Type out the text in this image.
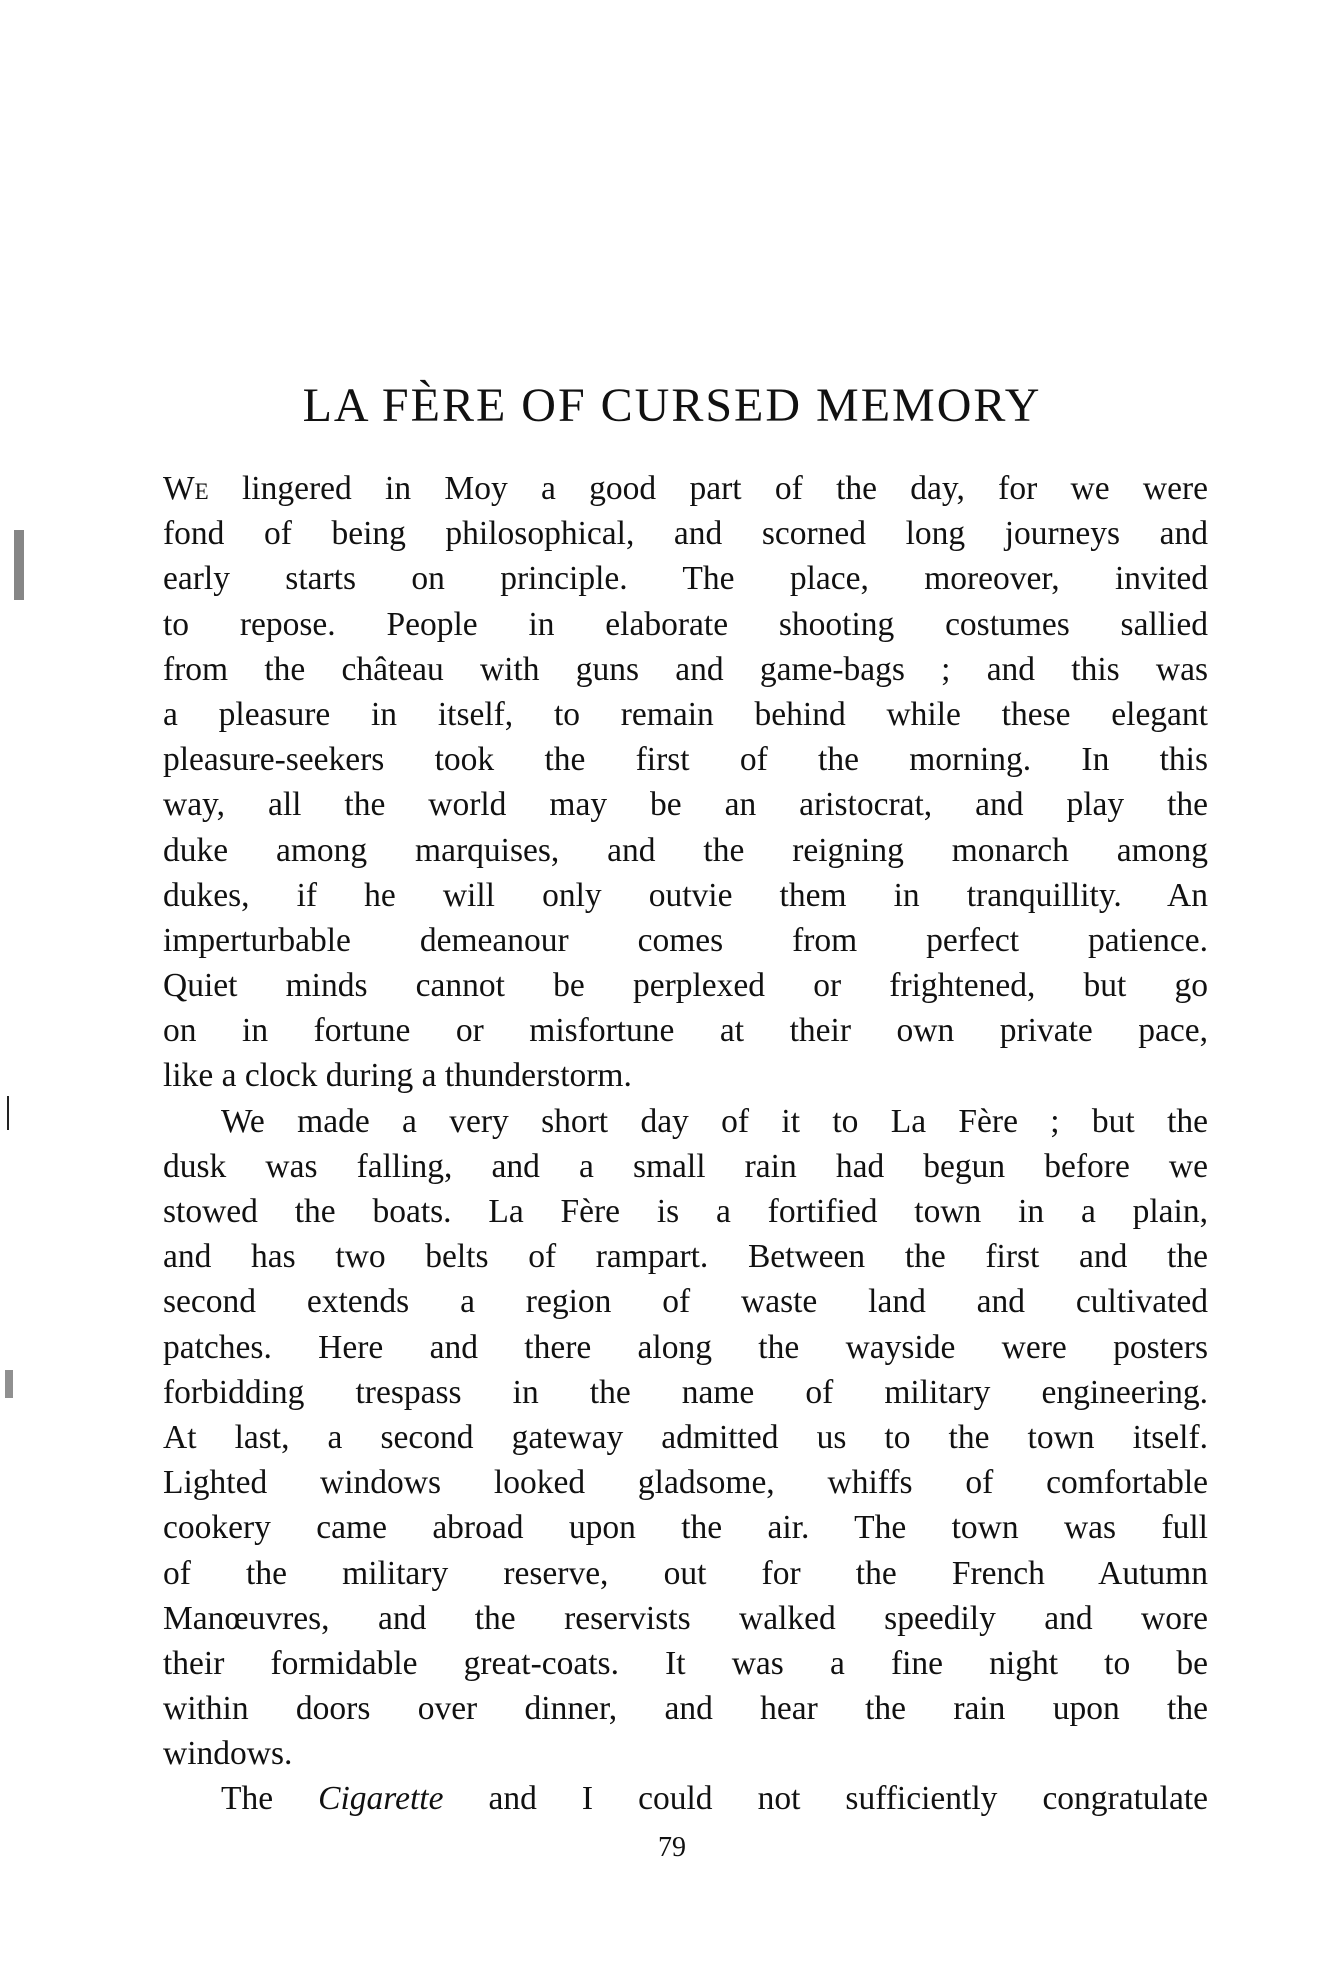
LA FÈRE OF CURSED MEMORY
We lingered in Moy a good part of the day, for we were
fond of being philosophical, and scorned long journeys and
early starts on principle. The place, moreover, invited
to repose. People in elaborate shooting costumes sallied
from the château with guns and game-bags ; and this was
a pleasure in itself, to remain behind while these elegant
pleasure-seekers took the first of the morning. In this
way, all the world may be an aristocrat, and play the
duke among marquises, and the reigning monarch among
dukes, if he will only outvie them in tranquillity. An
imperturbable demeanour comes from perfect patience.
Quiet minds cannot be perplexed or frightened, but go
on in fortune or misfortune at their own private pace,
like a clock during a thunderstorm.
We made a very short day of it to La Fère ; but the
dusk was falling, and a small rain had begun before we
stowed the boats. La Fère is a fortified town in a plain,
and has two belts of rampart. Between the first and the
second extends a region of waste land and cultivated
patches. Here and there along the wayside were posters
forbidding trespass in the name of military engineering.
At last, a second gateway admitted us to the town itself.
Lighted windows looked gladsome, whiffs of comfortable
cookery came abroad upon the air. The town was full
of the military reserve, out for the French Autumn
Manœuvres, and the reservists walked speedily and wore
their formidable great-coats. It was a fine night to be
within doors over dinner, and hear the rain upon the
windows.
The Cigarette and I could not sufficiently congratulate
79
